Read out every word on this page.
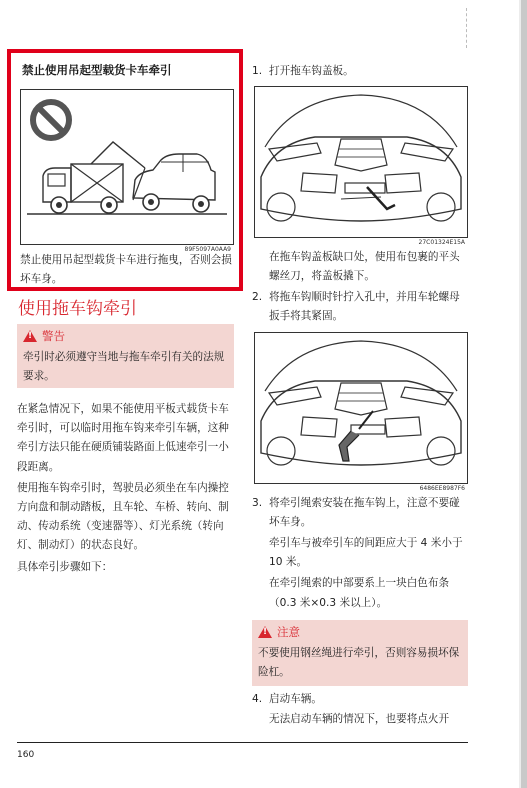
禁止使用吊起型载货卡车牵引
89F5097A0AA9
禁止使用吊起型载货卡车进行拖曳，否则会损坏车身。
使用拖车钩牵引
!
警告
牵引时必须遵守当地与拖车牵引有关的法规要求。

在紧急情况下，如果不能使用平板式载货卡车牵引时，可以临时用拖车钩来牵引车辆，这种牵引方法只能在硬质铺装路面上低速牵引一小段距离。

使用拖车钩牵引时，驾驶员必须坐在车内操控方向盘和制动踏板，且车轮、车桥、转向、制动、传动系统（变速器等）、灯光系统（转向灯、制动灯）的状态良好。

具体牵引步骤如下：

1. 打开拖车钩盖板。
27C01324E15A

在拖车钩盖板缺口处，使用布包裹的平头螺丝刀，将盖板撬下。

2. 将拖车钩顺时针拧入孔中，并用车轮螺母扳手将其紧固。
6486EE8987F6
3. 将牵引绳索安装在拖车钩上，注意不要碰坏车身。

牵引车与被牵引车的间距应大于 4 米小于 10 米。

在牵引绳索的中部要系上一块白色布条（0.3 米×0.3 米以上）。

!
注意
不要使用钢丝绳进行牵引，否则容易损坏保险杠。
4. 启动车辆。

无法启动车辆的情况下，也要将点火开

160
